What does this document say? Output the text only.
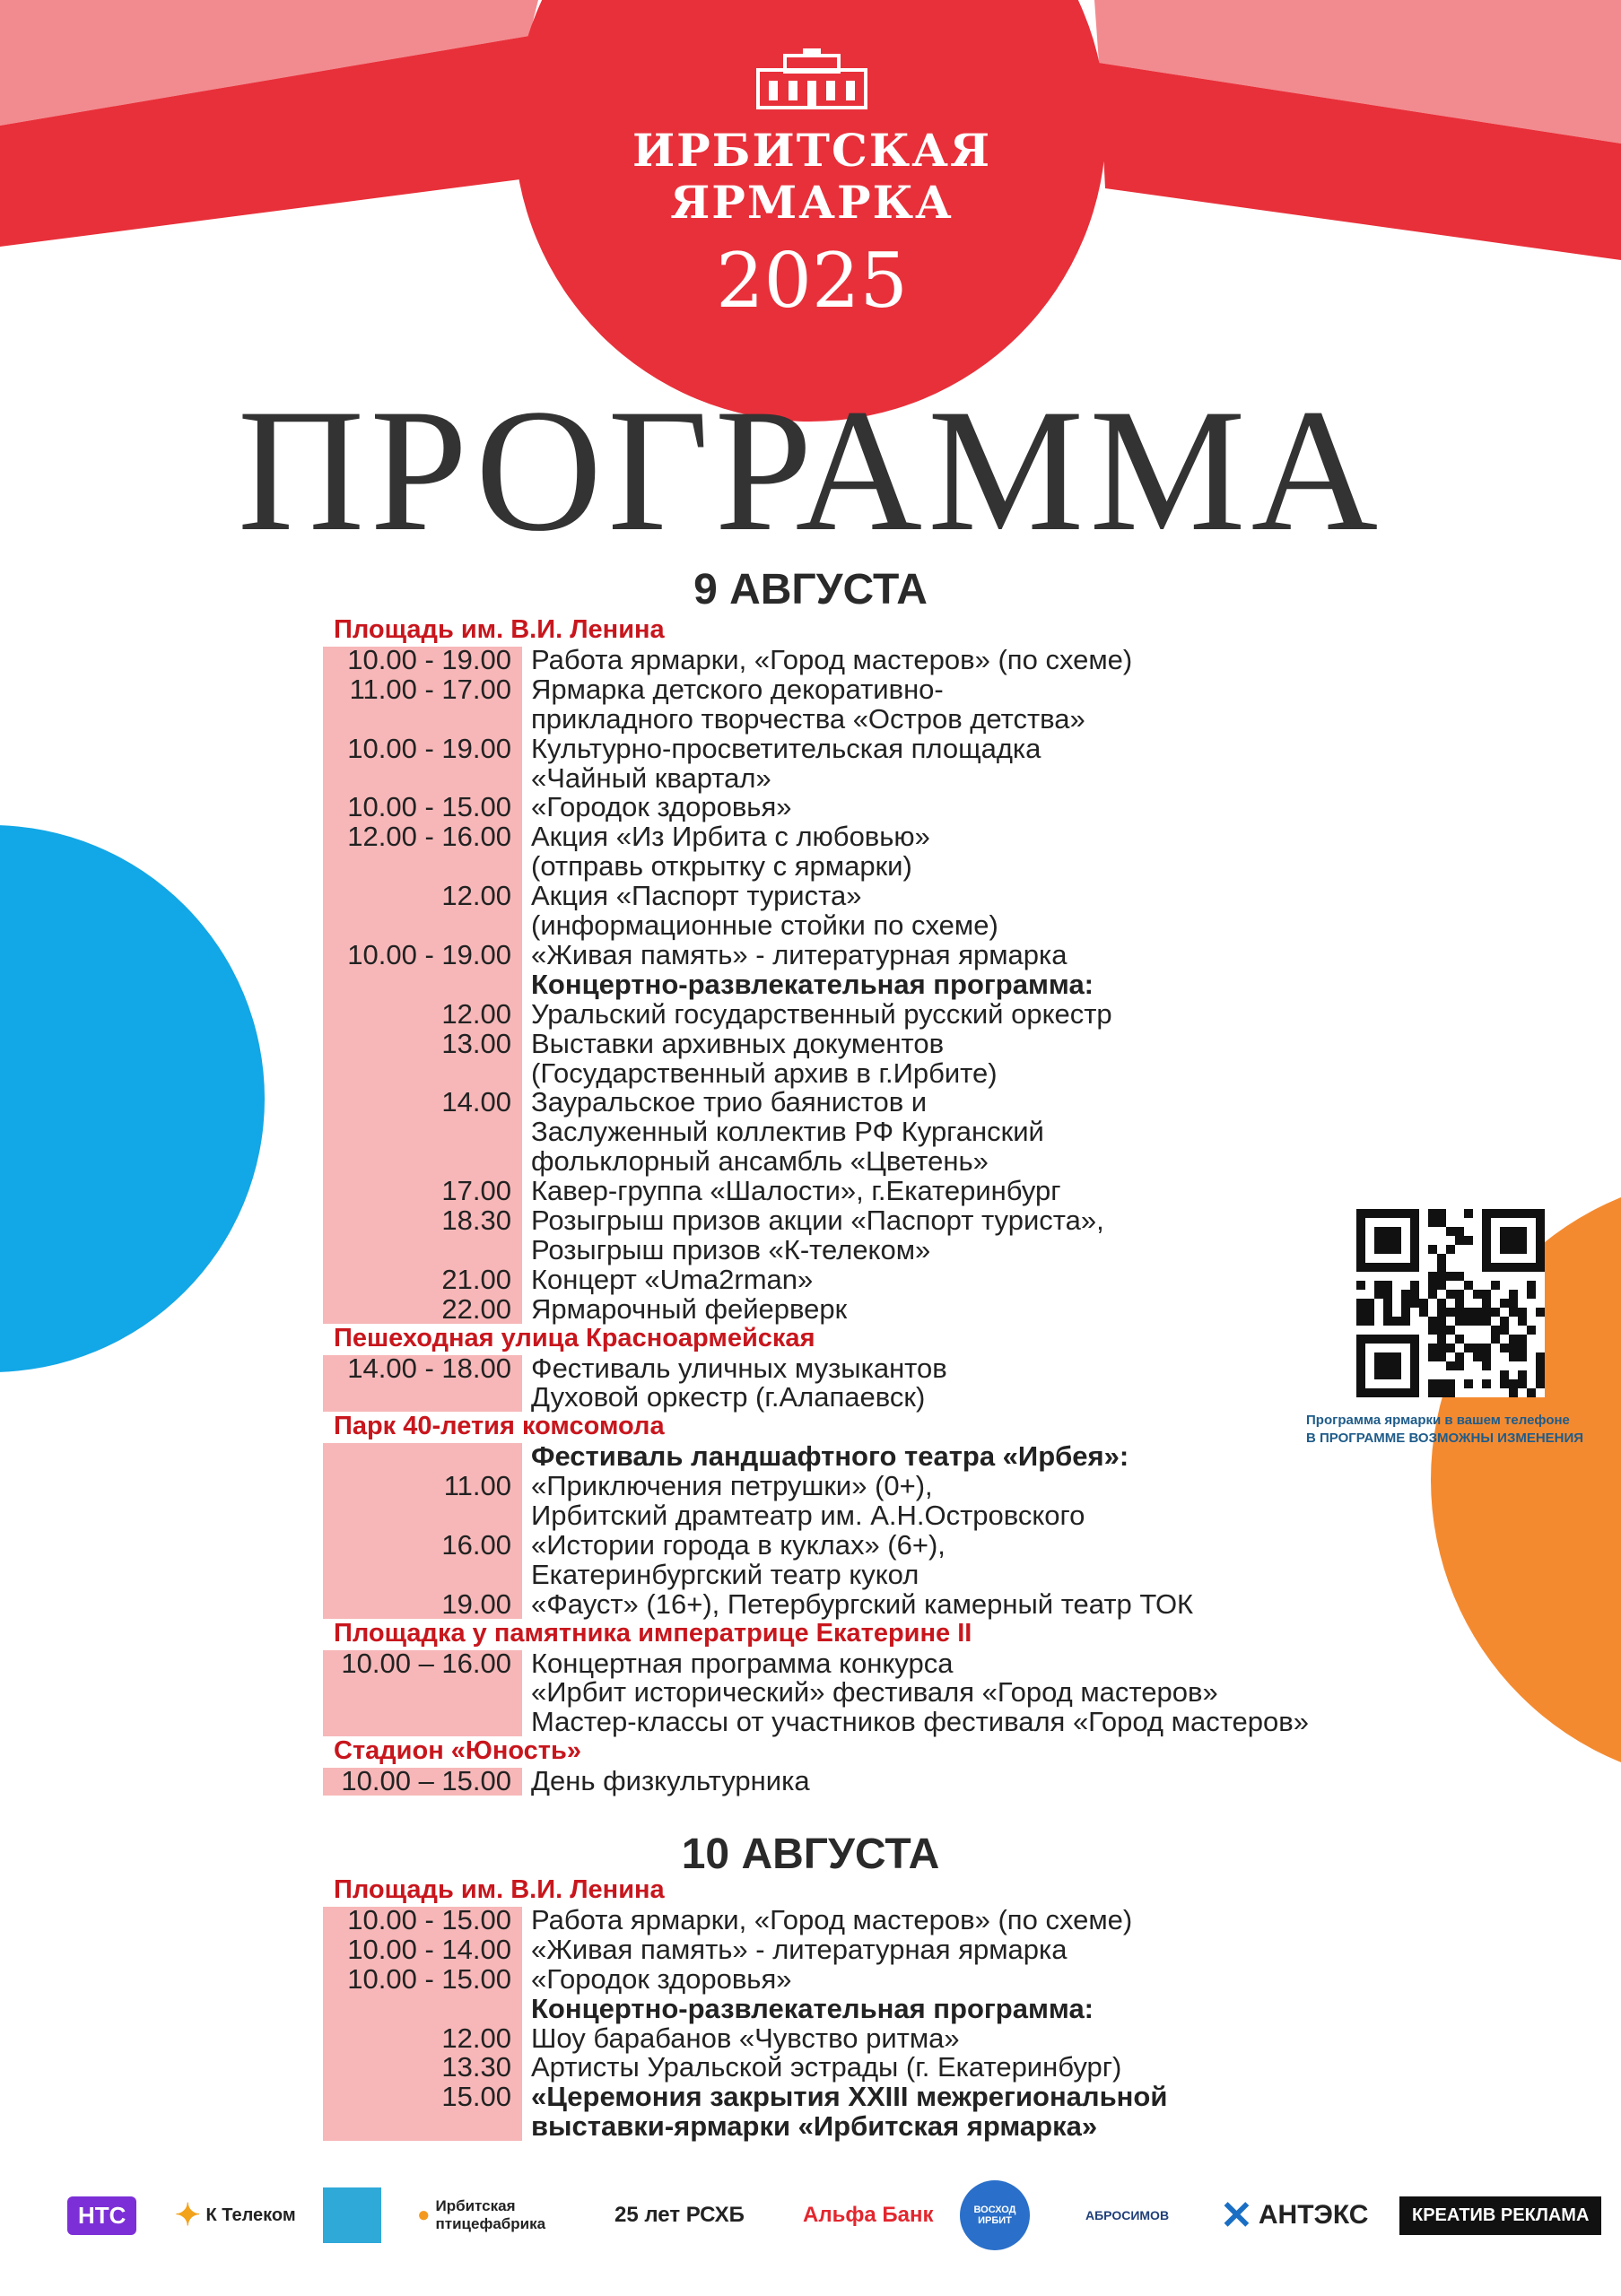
ИРБИТСКАЯ
ЯРМАРКА
2025
ПРОГРАММА
9 АВГУСТА
Площадь им. В.И. Ленина
10.00 - 19.00 Работа ярмарки, «Город мастеров» (по схеме)
11.00 - 17.00 Ярмарка детского декоративно-
прикладного творчества «Остров детства»
10.00 - 19.00 Культурно-просветительская площадка
«Чайный квартал»
10.00 - 15.00 «Городок здоровья»
12.00 - 16.00 Акция «Из Ирбита с любовью»
(отправь открытку с ярмарки)
12.00 Акция «Паспорт туриста»
(информационные стойки по схеме)
10.00 - 19.00 «Живая память» - литературная ярмарка
Концертно-развлекательная программа:
12.00 Уральский государственный русский оркестр
13.00 Выставки архивных документов
(Государственный архив в г.Ирбите)
14.00Зауральское трио баянистов и
Заслуженный коллектив РФ Курганский
фольклорный ансамбль «Цветень»
17.00 Кавер-группа «Шалости», г.Екатеринбург
18.30 Розыгрыш призов акции «Паспорт туриста»,
Розыгрыш призов «К-телеком»
21.00 Концерт «Uma2rman»
22.00 Ярмарочный фейерверк
Пешеходная улица Красноармейская
14.00 - 18.00 Фестиваль уличных музыкантов
Духовой оркестр (г.Алапаевск)
Парк 40-летия комсомола
Фестиваль ландшафтного театра «Ирбея»:
11.00 «Приключения петрушки» (0+),
Ирбитский драмтеатр им. А.Н.Островского
16.00 «Истории города в куклах» (6+),
Екатеринбургский театр кукол
19.00 «Фауст» (16+), Петербургский камерный театр ТОК
Площадка у памятника императрице Екатерине II
10.00 – 16.00 Концертная программа конкурса
«Ирбит исторический» фестиваля «Город мастеров»
Мастер-классы от участников фестиваля «Город мастеров»
Стадион «Юность»
10.00 – 15.00 День физкультурника
10 АВГУСТА
Площадь им. В.И. Ленина
10.00 - 15.00 Работа ярмарки, «Город мастеров» (по схеме)
10.00 - 14.00 «Живая память» - литературная ярмарка
10.00 - 15.00 «Городок здоровья»
Концертно-развлекательная программа:
12.00 Шоу барабанов «Чувство ритма»
13.30Артисты Уральской эстрады (г. Екатеринбург)
15.00 «Церемония закрытия XXIII межрегиональной
выставки-ярмарки «Ирбитская ярмарка»
Программа ярмарки в вашем телефоне
В ПРОГРАММЕ ВОЗМОЖНЫ ИЗМЕНЕНИЯ
НТС	✦ К Телеком	● Ирбитская птицефабрика	25 лет РСХБ	Альфа Банк	ВОСХОД ИРБИТ	АБРОСИМОВ ✕ АНТЭКС	КРЕАТИВ РЕКЛАМА
